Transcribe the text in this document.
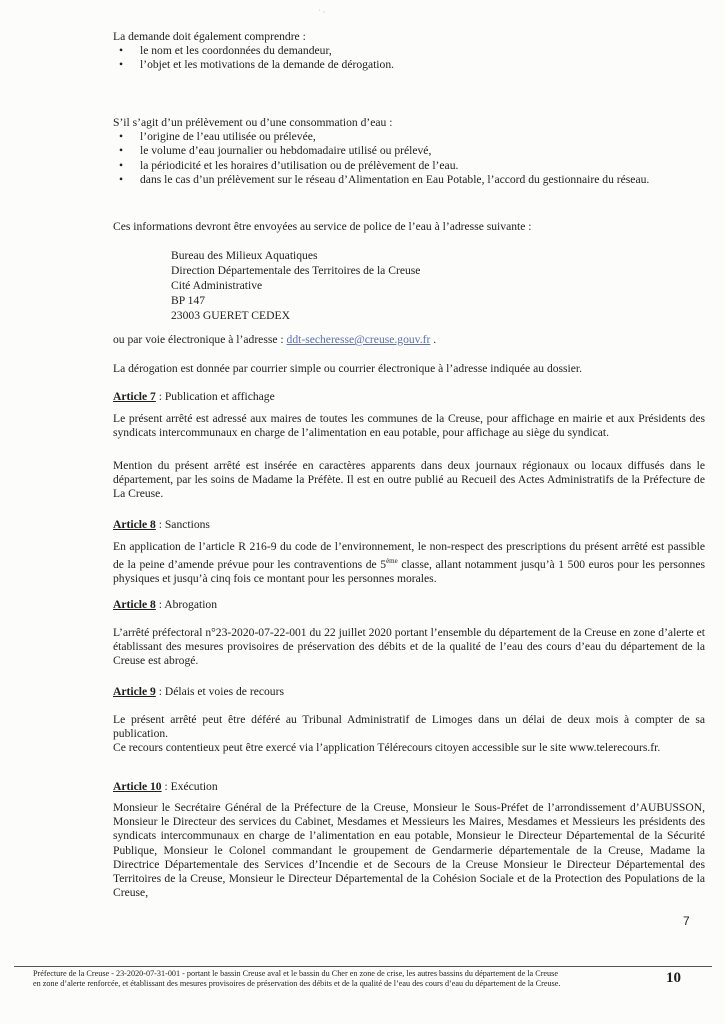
˙ ·

La demande doit également comprendre :

• le nom et les coordonnées du demandeur,
• l’objet et les motivations de la demande de dérogation.

S’il s’agit d’un prélèvement ou d’une consommation d’eau :

• l’origine de l’eau utilisée ou prélevée,
• le volume d’eau journalier ou hebdomadaire utilisé ou prélevé,
• la périodicité et les horaires d’utilisation ou de prélèvement de l’eau.
• dans le cas d’un prélèvement sur le réseau d’Alimentation en Eau Potable, l’accord du gestionnaire du réseau.

Ces informations devront être envoyées au service de police de l’eau à l’adresse suivante :

Bureau des Milieux Aquatiques
Direction Départementale des Territoires de la Creuse
Cité Administrative
BP 147
23003 GUERET CEDEX
ou par voie électronique à l’adresse : ddt-secheresse@creuse.gouv.fr .

La dérogation est donnée par courrier simple ou courrier électronique à l’adresse indiquée au dossier.

Article 7 : Publication et affichage

Le présent arrêté est adressé aux maires de toutes les communes de la Creuse, pour affichage en mairie et aux Présidents des syndicats intercommunaux en charge de l’alimentation en eau potable, pour affichage au siège du syndicat.

Mention du présent arrêté est insérée en caractères apparents dans deux journaux régionaux ou locaux diffusés dans le département, par les soins de Madame la Préfète. Il est en outre publié au Recueil des Actes Administratifs de la Préfecture de La Creuse.

Article 8 : Sanctions

En application de l’article R 216-9 du code de l’environnement, le non-respect des prescriptions du présent arrêté est passible de la peine d’amende prévue pour les contraventions de 5ème classe, allant notamment jusqu’à 1 500 euros pour les personnes physiques et jusqu’à cinq fois ce montant pour les personnes morales.

Article 8 : Abrogation

L’arrêté préfectoral n°23-2020-07-22-001 du 22 juillet 2020 portant l’ensemble du département de la Creuse en zone d’alerte et établissant des mesures provisoires de préservation des débits et de la qualité de l’eau des cours d’eau du département de la Creuse est abrogé.

Article 9 : Délais et voies de recours

Le présent arrêté peut être déféré au Tribunal Administratif de Limoges dans un délai de deux mois à compter de sa publication.

Ce recours contentieux peut être exercé via l’application Télérecours citoyen accessible sur le site www.telerecours.fr.

Article 10 : Exécution

Monsieur le Secrétaire Général de la Préfecture de la Creuse, Monsieur le Sous-Préfet de l’arrondissement d’AUBUSSON, Monsieur le Directeur des services du Cabinet, Mesdames et Messieurs les Maires, Mesdames et Messieurs les présidents des syndicats intercommunaux en charge de l’alimentation en eau potable, Monsieur le Directeur Départemental de la Sécurité Publique, Monsieur le Colonel commandant le groupement de Gendarmerie départementale de la Creuse, Madame la Directrice Départementale des Services d’Incendie et de Secours de la Creuse Monsieur le Directeur Départemental des Territoires de la Creuse, Monsieur le Directeur Départemental de la Cohésion Sociale et de la Protection des Populations de la Creuse,

7
Préfecture de la Creuse - 23-2020-07-31-001 - portant le bassin Creuse aval et le bassin du Cher en zone de crise, les autres bassins du département de la Creuse
en zone d’alerte renforcée, et établissant des mesures provisoires de préservation des débits et de la qualité de l’eau des cours d’eau du département de la Creuse.	10
